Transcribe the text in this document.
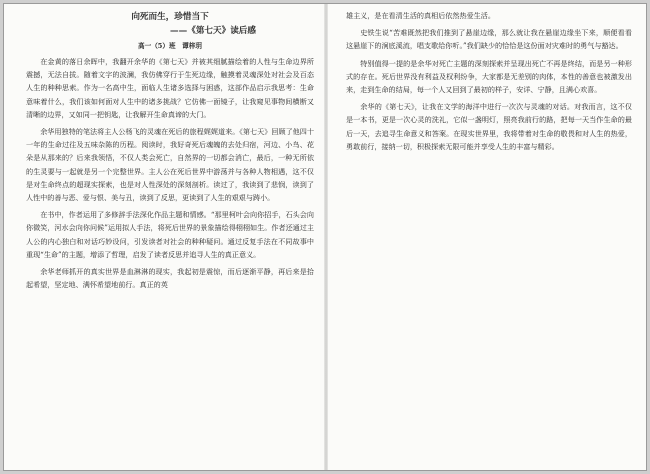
向死而生，珍惜当下
——《第七天》读后感
高一（5）班　谭梓玥

在金黄的落日余晖中，我翻开余华的《第七天》并被其细腻描绘着的人性与生命边界所震撼，无法自拔。随着文字的波澜，我仿佛穿行于生死边缘，触摸着灵魂深处对社会及百态人生的种种思索。作为一名高中生，面临人生诸多选择与困惑，这部作品启示我思考：生命意味着什么，我们该如何面对人生中的诸多挑战？它仿佛一面镜子，让我窥见事物间横断又清晰的边界，又如同一把钥匙，让我解开生命真谛的大门。

余华用独特的笔法将主人公杨飞的灵魂在死后的旅程娓娓道来。《第七天》回顾了他四十一年的生命过往及五味杂陈的历程。阅读时，我好奇死后魂魄的去处归宿，河边、小鸟、花朵是从那来的？后来我领悟，不仅人类会死亡，自然界的一切都会消亡，最后，一种无所依的生灵要与一起就是另一个完整世界。主人公在死后世界中游荡并与各种人物相遇，这不仅是对生命终点的超现实探索，也是对人性深处的深刻剖析。读过了，我读到了悲悯，读到了人性中的善与恶、爱与恨、美与丑，读到了反思，更读到了人生的艰艰与踌小。

在书中，作者运用了多修辞手法深化作品主题和情感。“那里柯叶会向你招手，石头会向你微笑，河水会向你问候”运用拟人手法，将死后世界的景象描绘得栩栩如生。作者还通过主人公的内心独白和对话巧妙设问，引发读者对社会的种种疑问。通过反复手法在不同故事中重现“生命”的主题，增添了哲理，启发了读者反思并追寻人生的真正意义。

余华老师抓开的真实世界是血淋淋的现实，我起初是震惊，而后逐渐平静，再后来是拾起希望，坚定地、满怀希望地前行。真正的英

雄主义，是在看清生活的真相后依然热爱生活。

史铁生说“苦难既然把我们推到了悬崖边缘，那么就让我在悬崖边缘坐下来，顺便看看这悬崖下的涧底溪流，唱支歌给你听。”我们缺少的恰恰是这份面对灾难时的勇气与豁达。

特别值得一提的是余华对死亡主题的深刻探索并呈现出死亡不再是终结，而是另一种形式的存在。死后世界没有利益及权利纷争，大家都是无差别的肉体，本性的善意也被激发出来，走到生命的结局，每一个人又回到了最初的样子，安详、宁静，且满心欢喜。

余华的《第七天》，让我在文学的海洋中进行一次次与灵魂的对话。对我而言，这不仅是一本书，更是一次心灵的洗礼，它似一盏明灯，照亮我前行的路，把每一天当作生命的最后一天，去追寻生命意义和答案。在现实世界里，我将带着对生命的敬畏和对人生的热爱，勇敢前行，接纳一切，积极探索无限可能并享受人生的丰富与精彩。
